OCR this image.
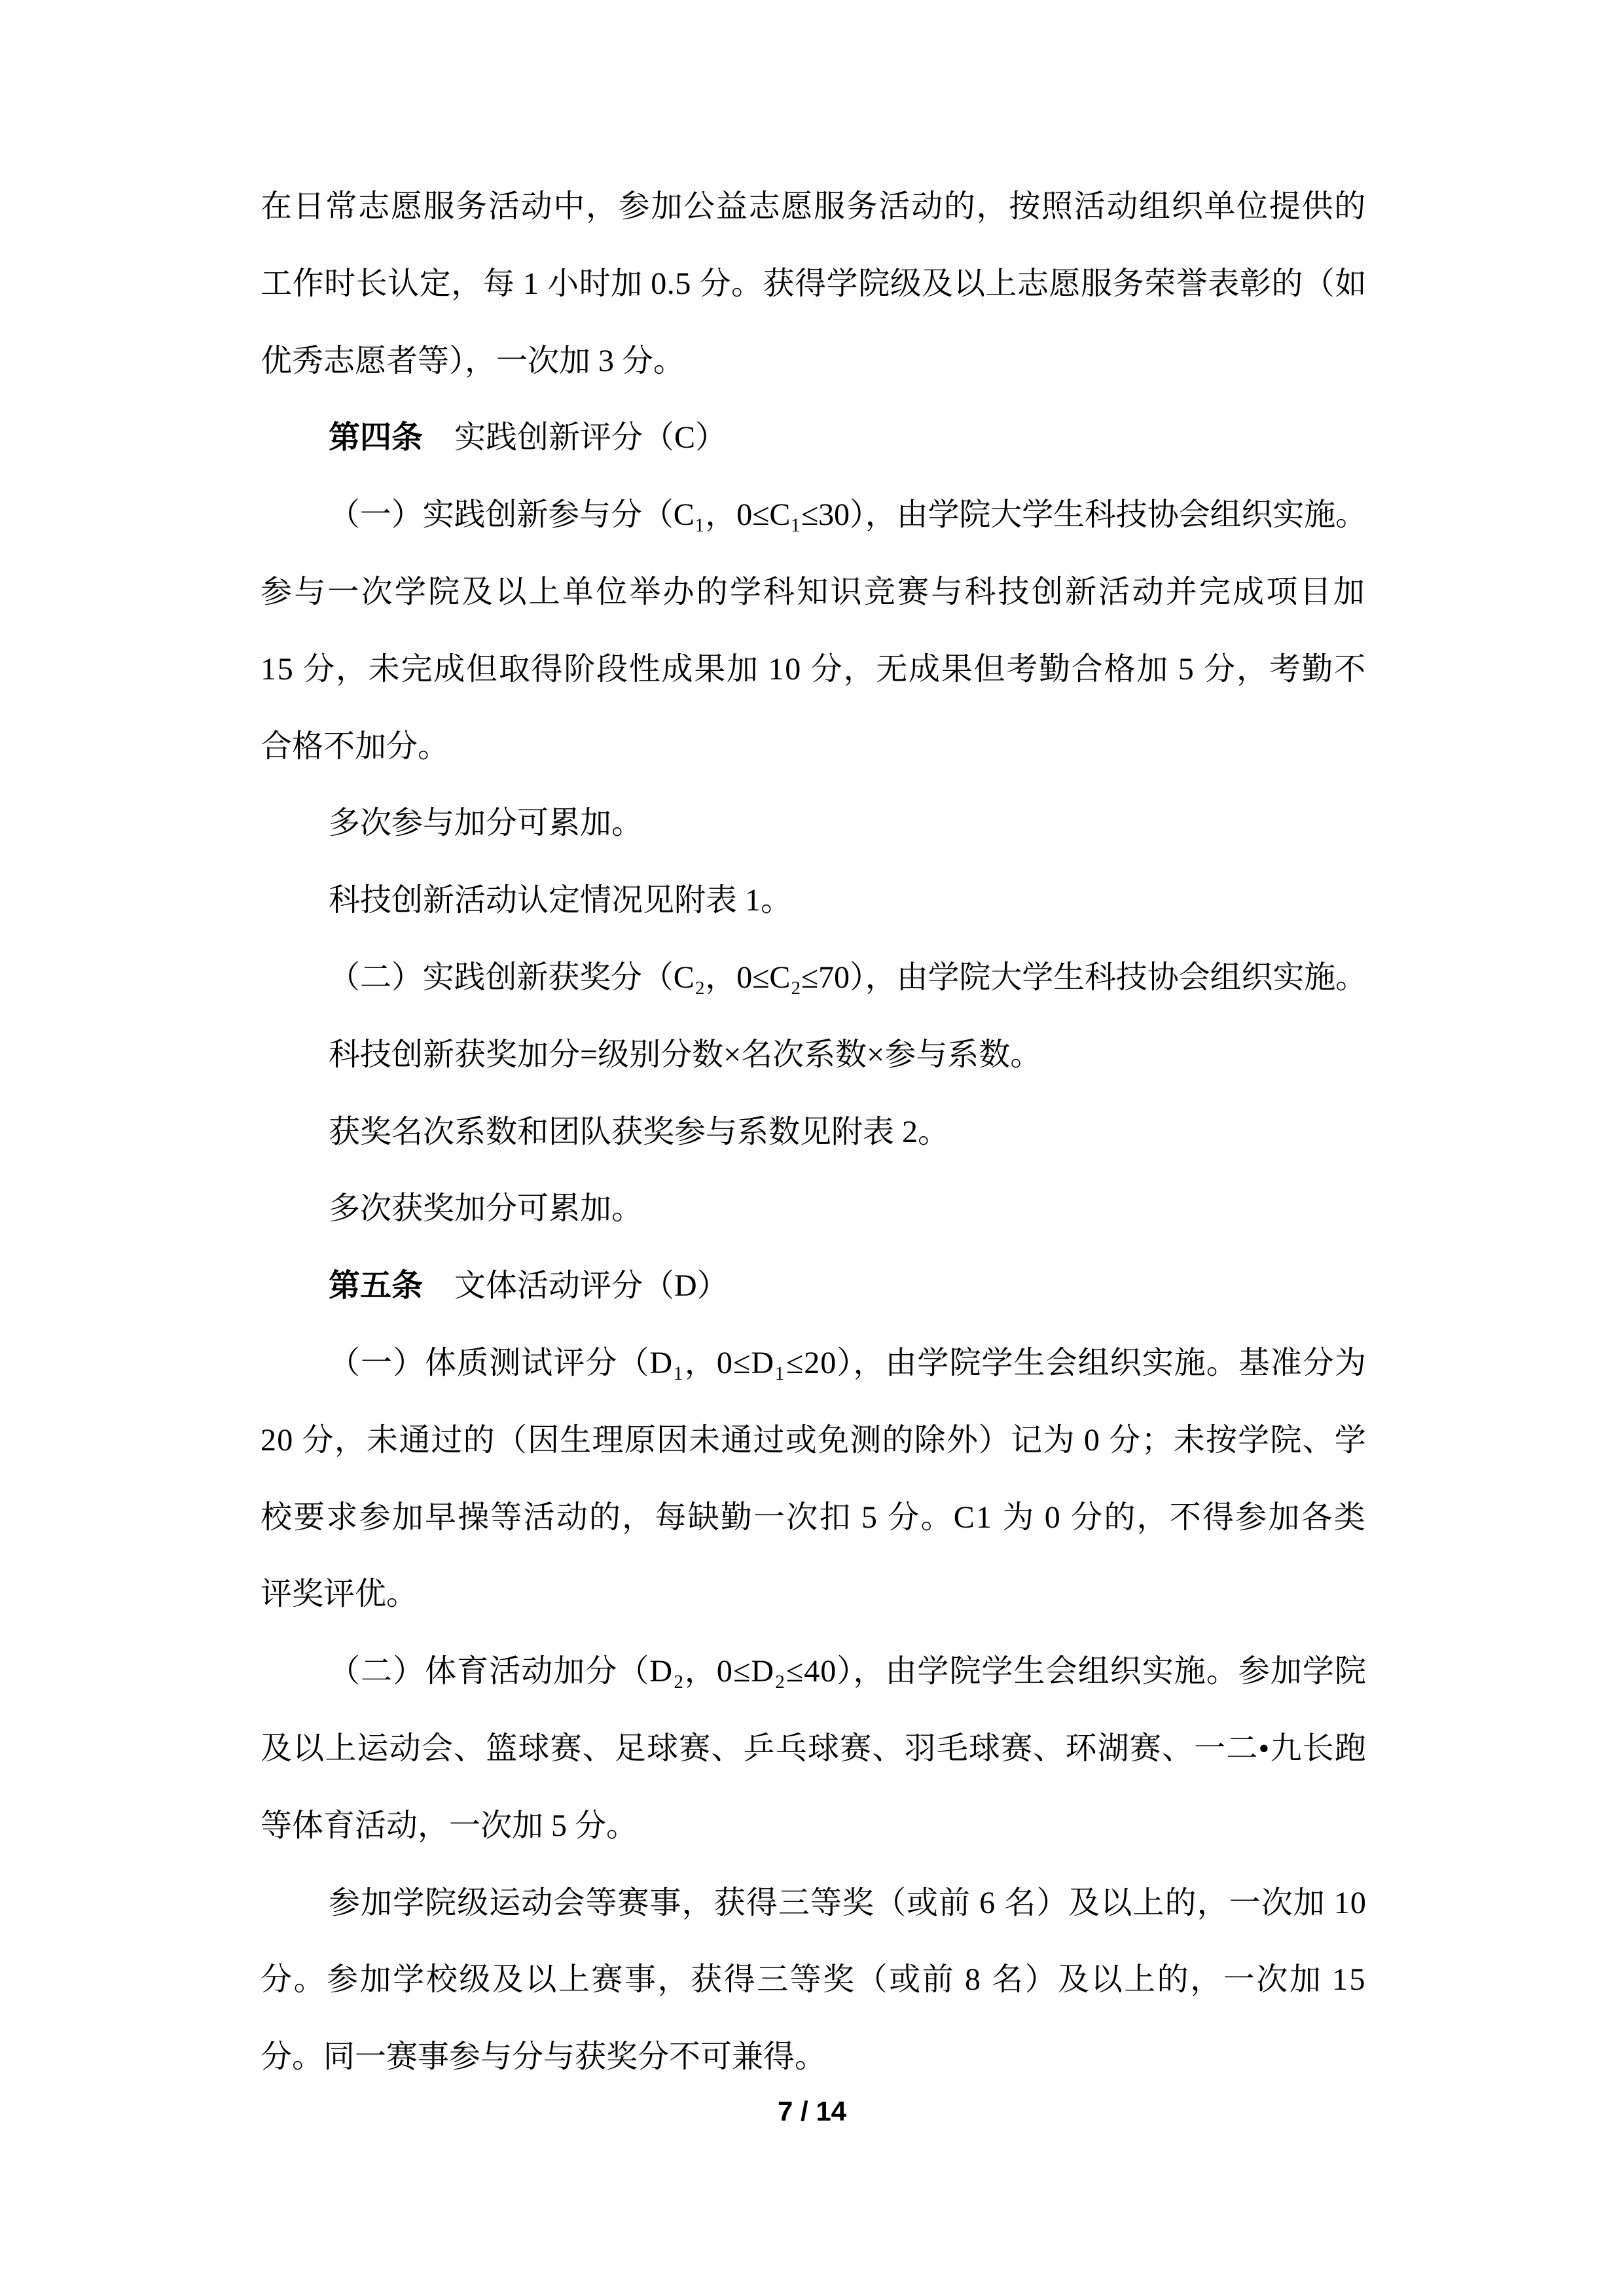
在日常志愿服务活动中，参加公益志愿服务活动的，按照活动组织单位提供的
工作时长认定，每 1 小时加 0.5 分。获得学院级及以上志愿服务荣誉表彰的（如
优秀志愿者等），一次加 3 分。
第四条　实践创新评分（C）
（一）实践创新参与分（C₁，0≤C₁≤30），由学院大学生科技协会组织实施。
参与一次学院及以上单位举办的学科知识竞赛与科技创新活动并完成项目加
15 分，未完成但取得阶段性成果加 10 分，无成果但考勤合格加 5 分，考勤不
合格不加分。
多次参与加分可累加。
科技创新活动认定情况见附表 1。
（二）实践创新获奖分（C₂，0≤C₂≤70），由学院大学生科技协会组织实施。
科技创新获奖加分=级别分数×名次系数×参与系数。
获奖名次系数和团队获奖参与系数见附表 2。
多次获奖加分可累加。
第五条　文体活动评分（D）
（一）体质测试评分（D₁，0≤D₁≤20），由学院学生会组织实施。基准分为
20 分，未通过的（因生理原因未通过或免测的除外）记为 0 分；未按学院、学
校要求参加早操等活动的，每缺勤一次扣 5 分。C1 为 0 分的，不得参加各类
评奖评优。
（二）体育活动加分（D₂，0≤D₂≤40），由学院学生会组织实施。参加学院
及以上运动会、篮球赛、足球赛、乒乓球赛、羽毛球赛、环湖赛、一二•九长跑
等体育活动，一次加 5 分。
参加学院级运动会等赛事，获得三等奖（或前 6 名）及以上的，一次加 10
分。参加学校级及以上赛事，获得三等奖（或前 8 名）及以上的，一次加 15
分。同一赛事参与分与获奖分不可兼得。
7 / 14
